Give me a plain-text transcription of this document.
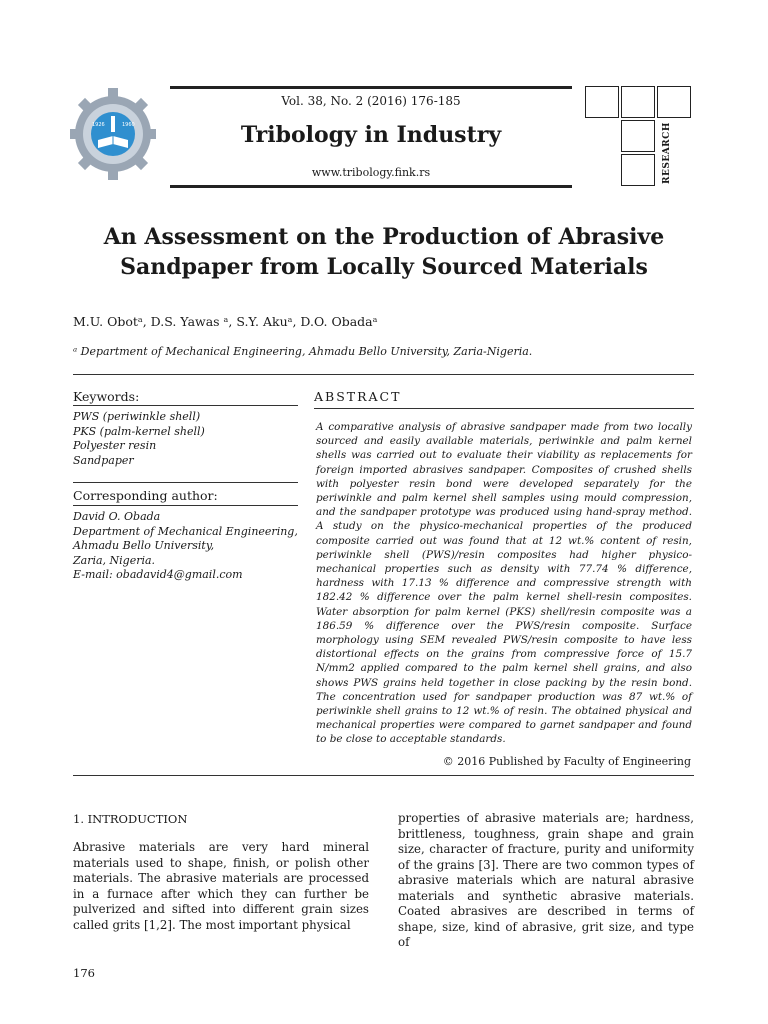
1926	1960
Vol. 38, No. 2 (2016) 176-185
Tribology in Industry
www.tribology.fink.rs	RESEARCH
An Assessment on the Production of Abrasive
Sandpaper from Locally Sourced Materials
M.U. Obotᵃ, D.S. Yawas ᵃ, S.Y. Akuᵃ, D.O. Obadaᵃ
ᵃ Department of Mechanical Engineering, Ahmadu Bello University, Zaria-Nigeria.
Keywords:
PWS (periwinkle shell)
PKS (palm-kernel shell)
Polyester resin
Sandpaper
Corresponding author:
David O. Obada
Department of Mechanical Engineering,
Ahmadu Bello University,
Zaria, Nigeria.
E-mail: obadavid4@gmail.com
ABSTRACT
A comparative analysis of abrasive sandpaper made from two locally sourced and easily available materials, periwinkle and palm kernel shells was carried out to evaluate their viability as replacements for foreign imported abrasives sandpaper. Composites of crushed shells with polyester resin bond were developed separately for the periwinkle and palm kernel shell samples using mould compression, and the sandpaper prototype was produced using hand-spray method. A study on the physico-mechanical properties of the produced composite carried out was found that at 12 wt.% content of resin, periwinkle shell (PWS)/resin composites had higher physico-mechanical properties such as density with 77.74 % difference, hardness with 17.13 % difference and compressive strength with 182.42 % difference over the palm kernel shell-resin composites. Water absorption for palm kernel (PKS) shell/resin composite was a 186.59 % difference over the PWS/resin composite. Surface morphology using SEM revealed PWS/resin composite to have less distortional effects on the grains from compressive force of 15.7 N/mm2 applied compared to the palm kernel shell grains, and also shows PWS grains held together in close packing by the resin bond. The concentration used for sandpaper production was 87 wt.% of periwinkle shell grains to 12 wt.% of resin. The obtained physical and mechanical properties were compared to garnet sandpaper and found to be close to acceptable standards.
© 2016 Published by Faculty of Engineering
1. INTRODUCTION
Abrasive materials are very hard mineral materials used to shape, finish, or polish other materials. The abrasive materials are processed in a furnace after which they can further be pulverized and sifted into different grain sizes called grits [1,2]. The most important physical
properties of abrasive materials are; hardness, brittleness, toughness, grain shape and grain size, character of fracture, purity and uniformity of the grains [3]. There are two common types of abrasive materials which are natural abrasive materials and synthetic abrasive materials. Coated abrasives are described in terms of shape, size, kind of abrasive, grit size, and type of
176
